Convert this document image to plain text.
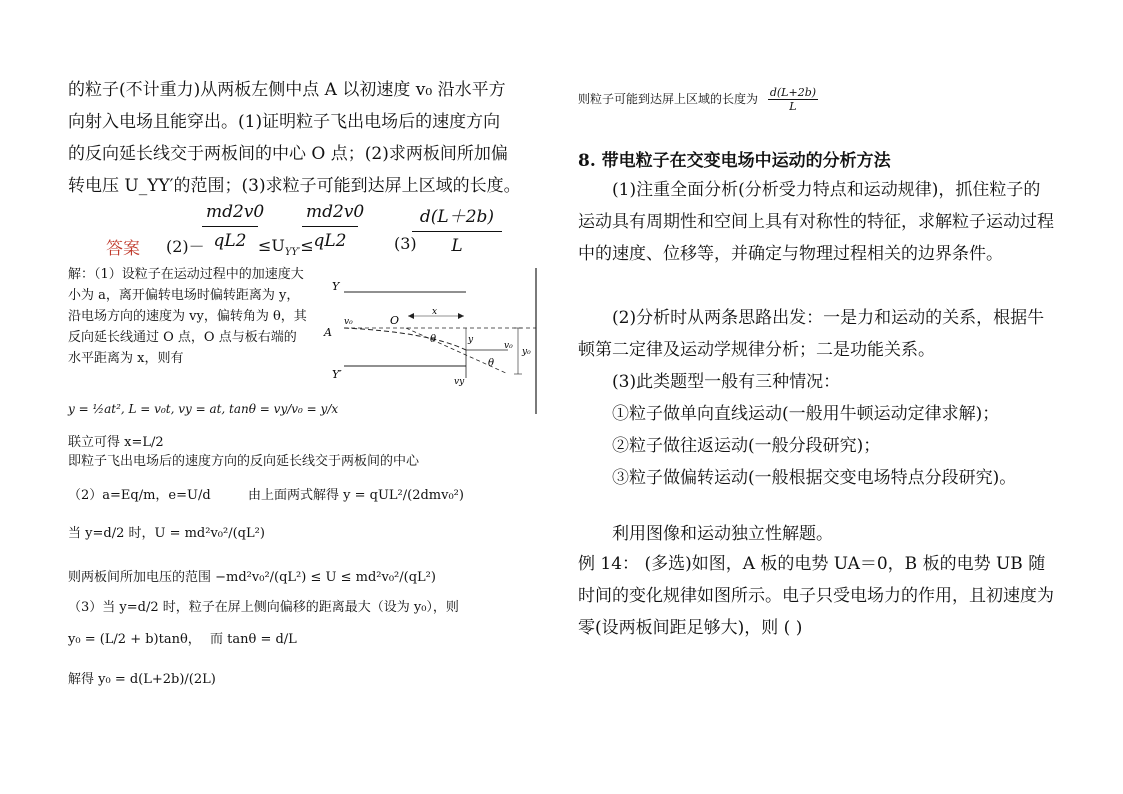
的粒子(不计重力)从两板左侧中点 A 以初速度 v₀ 沿水平方

向射入电场且能穿出。(1)证明粒子飞出电场后的速度方向

的反向延长线交于两板间的中心 O 点；(2)求两板间所加偏

转电压 U_YY′的范围；(3)求粒子可能到达屏上区域的长度。

答案 (2)－
$\frac{md2v0}{qL2} \le U_{YY'}\le$
$\frac{md2v0}{qL2} (3)$
$\frac{d(L+2b)}{L}$
解：（1）设粒子在运动过程中的加速度大小为 a，离开偏转电场时偏转距离为 y，沿电场方向的速度为 vy，偏转角为 θ，其反向延长线通过 O 点，O 点与板右端的水平距离为 x，则有
Y
Y′
A
O
v₀
x
y
θ
θ
v₀
vy
y₀
y = ½at², L = v₀t, vy = at, tanθ = vy/v₀ = y/x
联立可得 x=L/2
即粒子飞出电场后的速度方向的反向延长线交于两板间的中心
（2）a=Eq/m，e=U/d	由上面两式解得 y = qUL²/(2dmv₀²)
当 y=d/2 时，U = md²v₀²/(qL²)
则两板间所加电压的范围 −md²v₀²/(qL²) ≤ U ≤ md²v₀²/(qL²)
（3）当 y=d/2 时，粒子在屏上侧向偏移的距离最大（设为 y₀），则
y₀ = (L/2 + b)tanθ， 而 tanθ = d/L
解得 y₀ = d(L+2b)/(2L)
则粒子可能到达屏上区域的长度为 $\frac{d(L+2b)}{L}$
8. 带电粒子在交变电场中运动的分析方法

(1)注重全面分析(分析受力特点和运动规律)，抓住粒子的运动具有周期性和空间上具有对称性的特征，求解粒子运动过程中的速度、位移等，并确定与物理过程相关的边界条件。

(2)分析时从两条思路出发：一是力和运动的关系，根据牛顿第二定律及运动学规律分析；二是功能关系。

(3)此类题型一般有三种情况：

①粒子做单向直线运动(一般用牛顿运动定律求解)；

②粒子做往返运动(一般分段研究)；

③粒子做偏转运动(一般根据交变电场特点分段研究)。

利用图像和运动独立性解题。

例 14： (多选)如图，A 板的电势 UA＝0，B 板的电势 UB 随时间的变化规律如图所示。电子只受电场力的作用，且初速度为零(设两板间距足够大)，则 ( )
